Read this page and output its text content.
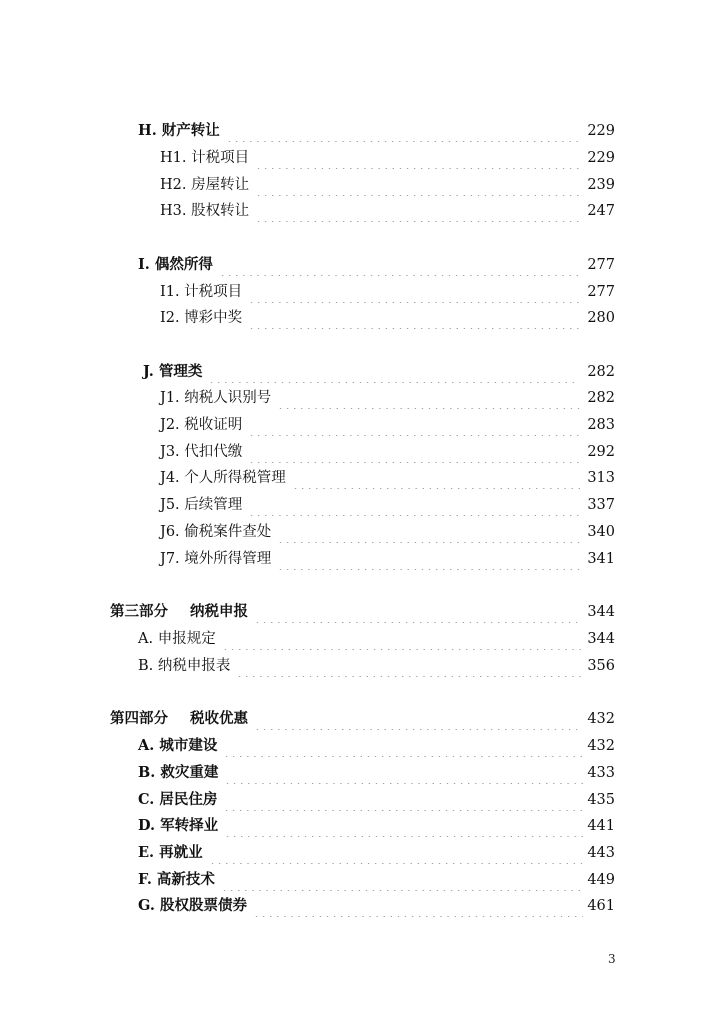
H. 财产转让	229
H1. 计税项目	229
H2. 房屋转让	239
H3. 股权转让	247
I. 偶然所得	277
I1. 计税项目	277
I2. 博彩中奖	280
J. 管理类	282
J1. 纳税人识别号	282
J2. 税收证明	283
J3. 代扣代缴	292
J4. 个人所得税管理	313
J5. 后续管理	337
J6. 偷税案件查处	340
J7. 境外所得管理	341
第三部分 纳税申报	344
A. 申报规定	344
B. 纳税申报表	356
第四部分 税收优惠	432
A. 城市建设	432
B. 救灾重建	433
C. 居民住房	435
D. 军转择业	441
E. 再就业	443
F. 高新技术	449
G. 股权股票债券	461
3
